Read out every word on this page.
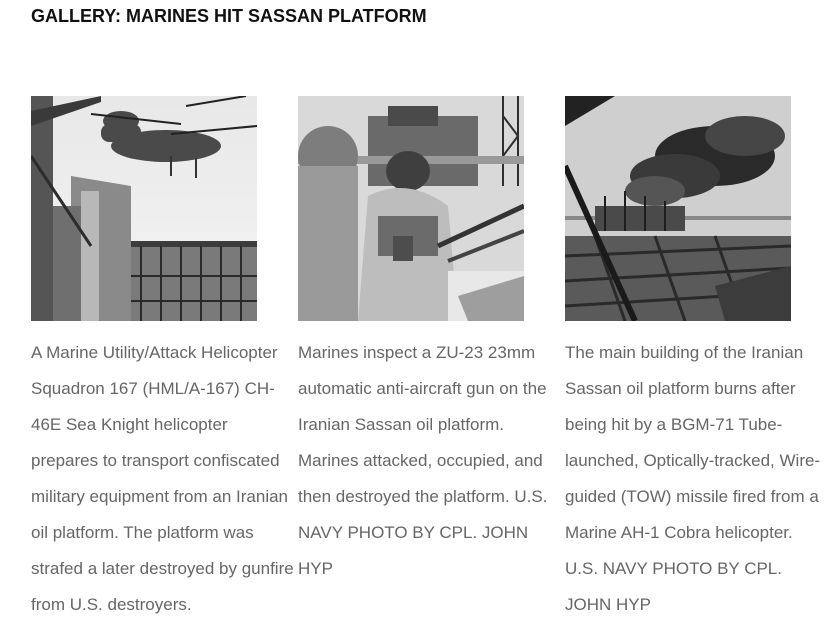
GALLERY: MARINES HIT SASSAN PLATFORM
A Marine Utility/Attack Helicopter Squadron 167 (HML/A-167) CH-46E Sea Knight helicopter prepares to transport confiscated military equipment from an Iranian oil platform. The platform was strafed a later destroyed by gunfire from U.S. destroyers.
Marines inspect a ZU-23 23mm automatic anti-aircraft gun on the Iranian Sassan oil platform. Marines attacked, occupied, and then destroyed the platform. U.S. NAVY PHOTO BY CPL. JOHN HYP
The main building of the Iranian Sassan oil platform burns after being hit by a BGM-71 Tube-launched, Optically-tracked, Wire-guided (TOW) missile fired from a Marine AH-1 Cobra helicopter. U.S. NAVY PHOTO BY CPL. JOHN HYP
